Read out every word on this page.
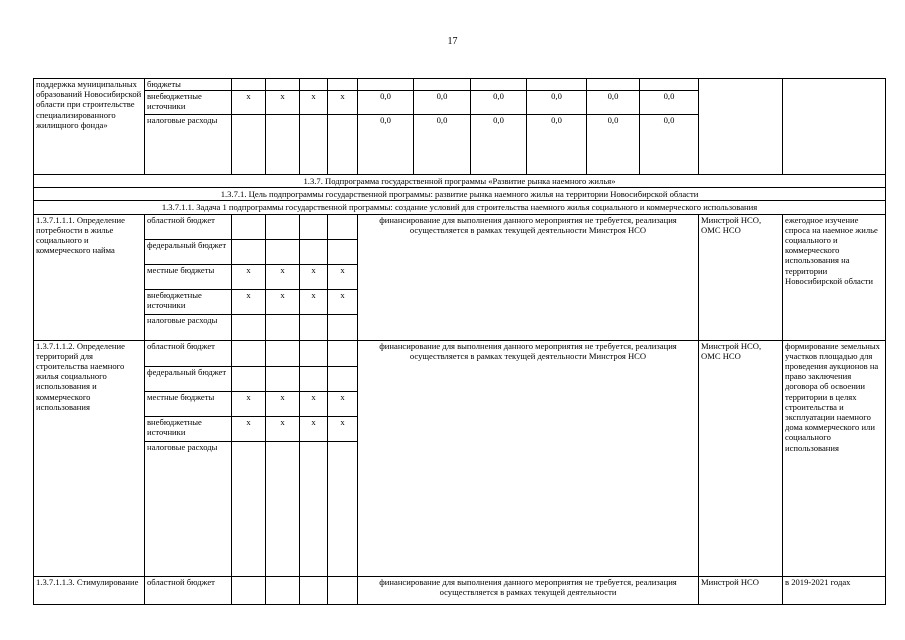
17
поддержка муниципальных образований Новосибирской области при строительстве специализированного жилищного фонда»	бюджеты												
	внебюджетные источники	х	х	х	х	0,0	0,0	0,0	0,0	0,0	0,0		
	налоговые расходы					0,0	0,0	0,0	0,0	0,0	0,0		
1.3.7. Подпрограмма государственной программы «Развитие рынка наемного жилья»													
1.3.7.1. Цель подпрограммы государственной программы: развитие рынка наемного жилья на территории Новосибирской области													
1.3.7.1.1. Задача 1 подпрограммы государственной программы: создание условий для строительства наемного жилья социального и коммерческого использования													
1.3.7.1.1.1. Определение потребности в жилье социального и коммерческого найма	областной бюджет					финансирование для выполнения данного мероприятия не требуется, реализация осуществляется в рамках текущей деятельности Минстроя НСО						Минстрой НСО, ОМС НСО	ежегодное изучение спроса на наемное жилье социального и коммерческого использования на территории Новосибирской области
	федеральный бюджет												
	местные бюджеты	х	х	х	х								
	внебюджетные источники	х	х	х	х								
	налоговые расходы												
1.3.7.1.1.2. Определение территорий для строительства наемного жилья социального использования и коммерческого использования	областной бюджет					финансирование для выполнения данного мероприятия не требуется, реализация осуществляется в рамках текущей деятельности Минстроя НСО						Минстрой НСО, ОМС НСО	формирование земельных участков площадью для проведения аукционов на право заключения договора об освоении территории в целях строительства и эксплуатации наемного дома коммерческого или социального использования
	федеральный бюджет												
	местные бюджеты	х	х	х	х								
	внебюджетные источники	х	х	х	х								
	налоговые расходы												
1.3.7.1.1.3. Стимулирование	областной бюджет					финансирование для выполнения данного мероприятия не требуется, реализация осуществляется в рамках текущей деятельности						Минстрой НСО	в 2019-2021 годах
